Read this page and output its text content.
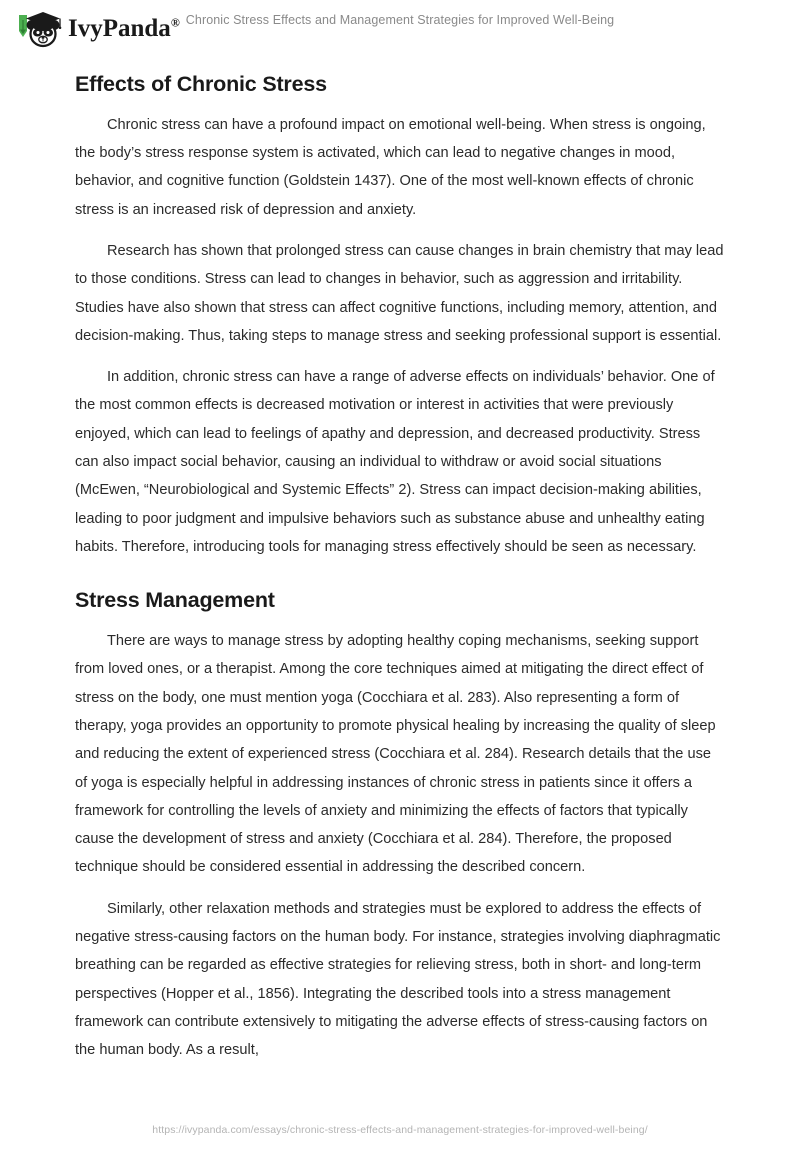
IvyPanda® Chronic Stress Effects and Management Strategies for Improved Well-Being
Effects of Chronic Stress

Chronic stress can have a profound impact on emotional well-being. When stress is ongoing, the body’s stress response system is activated, which can lead to negative changes in mood, behavior, and cognitive function (Goldstein 1437). One of the most well-known effects of chronic stress is an increased risk of depression and anxiety.

Research has shown that prolonged stress can cause changes in brain chemistry that may lead to those conditions. Stress can lead to changes in behavior, such as aggression and irritability. Studies have also shown that stress can affect cognitive functions, including memory, attention, and decision-making. Thus, taking steps to manage stress and seeking professional support is essential.

In addition, chronic stress can have a range of adverse effects on individuals’ behavior. One of the most common effects is decreased motivation or interest in activities that were previously enjoyed, which can lead to feelings of apathy and depression, and decreased productivity. Stress can also impact social behavior, causing an individual to withdraw or avoid social situations (McEwen, “Neurobiological and Systemic Effects” 2). Stress can impact decision-making abilities, leading to poor judgment and impulsive behaviors such as substance abuse and unhealthy eating habits. Therefore, introducing tools for managing stress effectively should be seen as necessary.

Stress Management

There are ways to manage stress by adopting healthy coping mechanisms, seeking support from loved ones, or a therapist. Among the core techniques aimed at mitigating the direct effect of stress on the body, one must mention yoga (Cocchiara et al. 283). Also representing a form of therapy, yoga provides an opportunity to promote physical healing by increasing the quality of sleep and reducing the extent of experienced stress (Cocchiara et al. 284). Research details that the use of yoga is especially helpful in addressing instances of chronic stress in patients since it offers a framework for controlling the levels of anxiety and minimizing the effects of factors that typically cause the development of stress and anxiety (Cocchiara et al. 284). Therefore, the proposed technique should be considered essential in addressing the described concern.

Similarly, other relaxation methods and strategies must be explored to address the effects of negative stress-causing factors on the human body. For instance, strategies involving diaphragmatic breathing can be regarded as effective strategies for relieving stress, both in short- and long-term perspectives (Hopper et al., 1856). Integrating the described tools into a stress management framework can contribute extensively to mitigating the adverse effects of stress-causing factors on the human body. As a result,

https://ivypanda.com/essays/chronic-stress-effects-and-management-strategies-for-improved-well-being/
